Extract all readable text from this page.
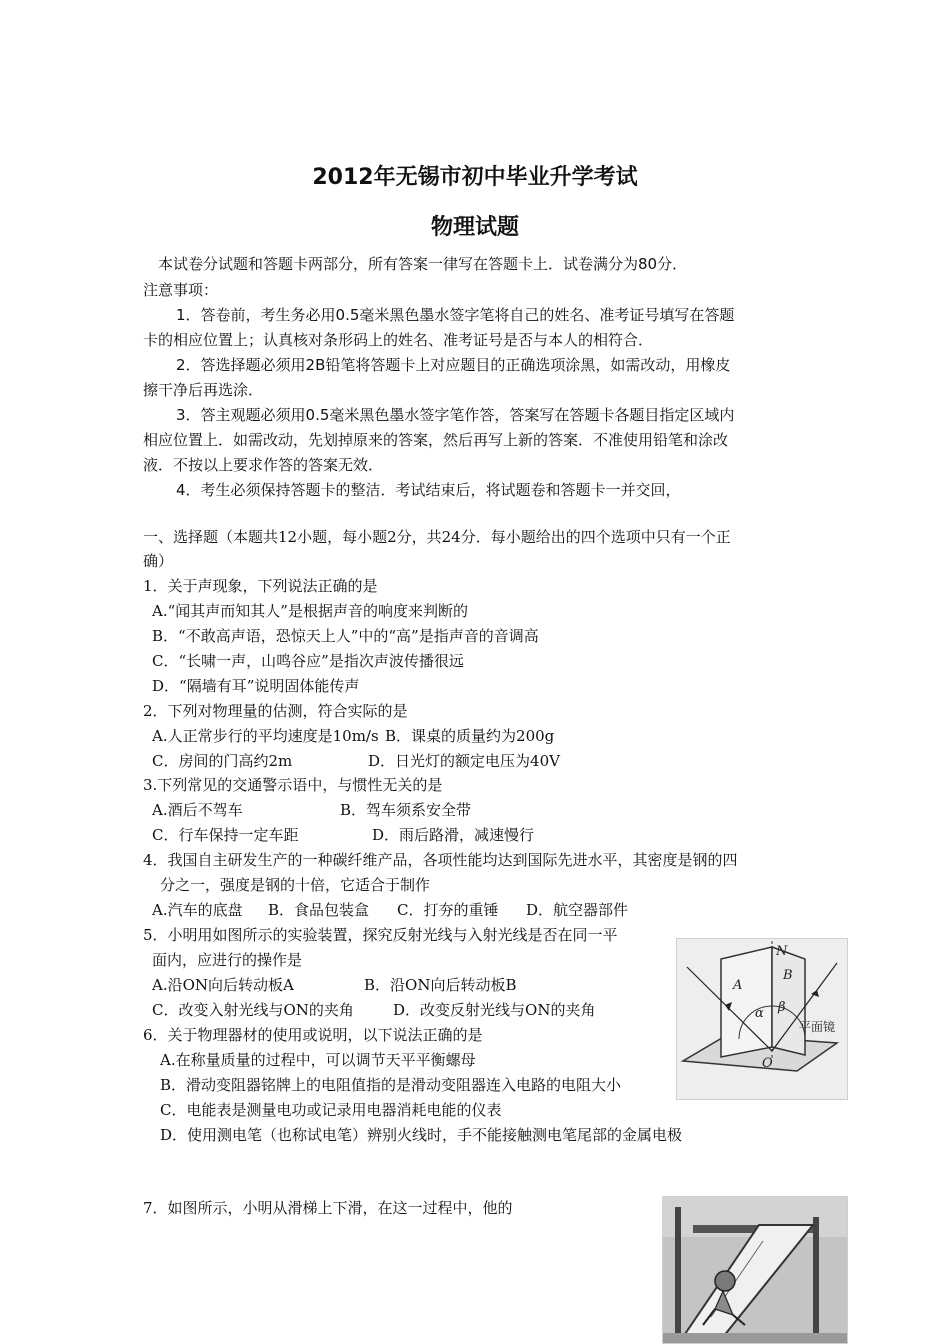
2012年无锡市初中毕业升学考试
物理试题
本试卷分试题和答题卡两部分，所有答案一律写在答题卡上．试卷满分为80分．
注意事项：
1．答卷前，考生务必用0.5毫米黑色墨水签字笔将自己的姓名、准考证号填写在答题
卡的相应位置上；认真核对条形码上的姓名、准考证号是否与本人的相符合．
2．答选择题必须用2B铅笔将答题卡上对应题目的正确选项涂黑，如需改动，用橡皮
擦干净后再选涂．
3．答主观题必须用0.5毫米黑色墨水签字笔作答，答案写在答题卡各题目指定区域内
相应位置上．如需改动，先划掉原来的答案，然后再写上新的答案．不准使用铅笔和涂改
液．不按以上要求作答的答案无效．
4．考生必须保持答题卡的整洁．考试结束后，将试题卷和答题卡一并交回，
一、选择题（本题共12小题，每小题2分，共24分．每小题给出的四个选项中只有一个正
确）
1．关于声现象，下列说法正确的是
A.“闻其声而知其人”是根据声音的响度来判断的
B．“不敢高声语，恐惊天上人”中的“高”是指声音的音调高
C．“长啸一声，山鸣谷应”是指次声波传播很远
D．“隔墙有耳”说明固体能传声
2．下列对物理量的估测，符合实际的是
A.人正常步行的平均速度是10m/s B．课桌的质量约为200g
C．房间的门高约2m	D．日光灯的额定电压为40V
3.下列常见的交通警示语中，与惯性无关的是
A.酒后不驾车	B．驾车须系安全带
C．行车保持一定车距	D．雨后路滑，减速慢行
4．我国自主研发生产的一种碳纤维产品，各项性能均达到国际先进水平，其密度是钢的四
分之一，强度是钢的十倍，它适合于制作
A.汽车的底盘 B．食品包装盒 C．打夯的重锤 D．航空器部件
5．小明用如图所示的实验装置，探究反射光线与入射光线是否在同一平
面内，应进行的操作是
A.沿ON向后转动板A	B．沿ON向后转动板B
C．改变入射光线与ON的夹角	D．改变反射光线与ON的夹角
6．关于物理器材的使用或说明，以下说法正确的是
A.在称量质量的过程中，可以调节天平平衡螺母
B．滑动变阻器铭牌上的电阻值指的是滑动变阻器连入电路的电阻大小
C．电能表是测量电功或记录用电器消耗电能的仪表
D．使用测电笔（也称试电笔）辨别火线时，手不能接触测电笔尾部的金属电极
7．如图所示，小明从滑梯上下滑，在这一过程中，他的
N
A
B
α β
O
平面镜
